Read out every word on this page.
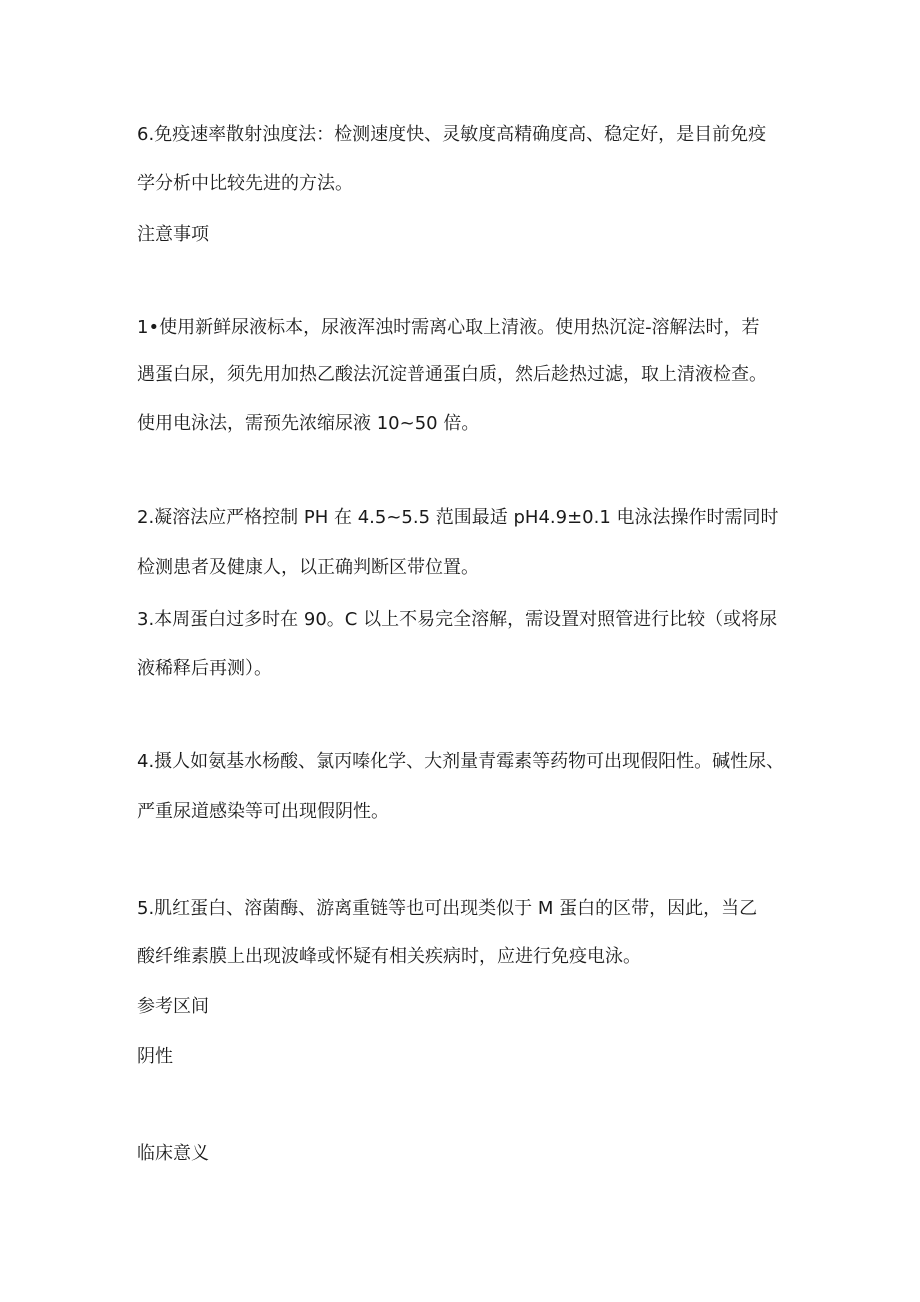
6.免疫速率散射浊度法：检测速度快、灵敏度高精确度高、稳定好，是目前免疫
学分析中比较先进的方法。
注意事项
1•使用新鲜尿液标本，尿液浑浊时需离心取上清液。使用热沉淀-溶解法时，若
遇蛋白尿，须先用加热乙酸法沉淀普通蛋白质，然后趁热过滤，取上清液检查。
使用电泳法，需预先浓缩尿液 10~50 倍。
2.凝溶法应严格控制 PH 在 4.5~5.5 范围最适 pH4.9±0.1 电泳法操作时需同时
检测患者及健康人，以正确判断区带位置。
3.本周蛋白过多时在 90。C 以上不易完全溶解，需设置对照管进行比较（或将尿
液稀释后再测）。
4.摄人如氨基水杨酸、氯丙嗪化学、大剂量青霉素等药物可出现假阳性。碱性尿、
严重尿道感染等可出现假阴性。
5.肌红蛋白、溶菌酶、游离重链等也可出现类似于 M 蛋白的区带，因此，当乙
酸纤维素膜上出现波峰或怀疑有相关疾病时，应进行免疫电泳。
参考区间
阴性
临床意义
